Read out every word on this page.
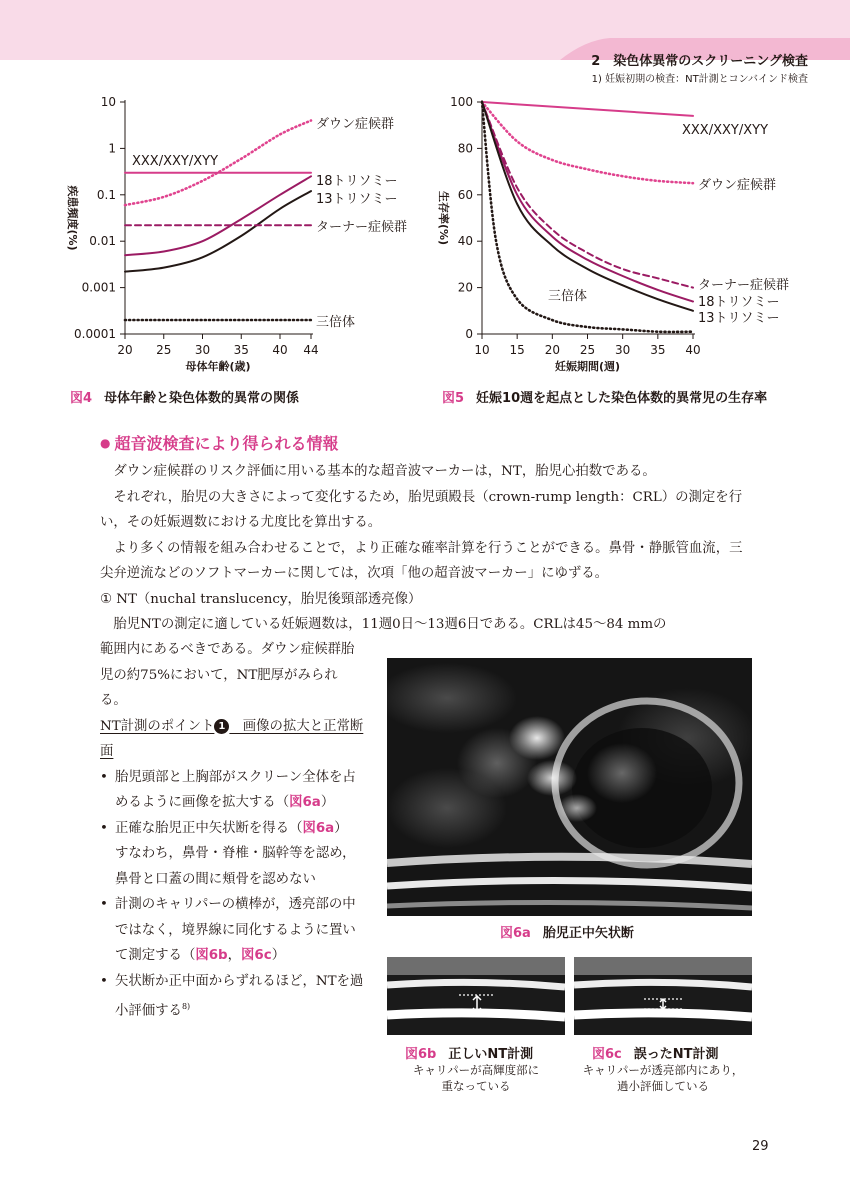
2　染色体異常のスクリーニング検査
1) 妊娠初期の検査：NT計測とコンバインド検査
10
1
0.1
0.01
0.001
0.0001
20 25 30 35 40 44
母体年齢(歳)
疾患頻度(%)
ダウン症候群
XXX/XXY/XYY
18トリソミー
13トリソミー
ターナー症候群
三倍体
図4 母体年齢と染色体数的異常の関係
100
80
60
40
20
0
10 15 20 25 30 35 40
妊娠期間(週)
生存率(%)
XXX/XXY/XYY
ダウン症候群
ターナー症候群
18トリソミー
13トリソミー
三倍体
図5 妊娠10週を起点とした染色体数的異常児の生存率
● 超音波検査により得られる情報

ダウン症候群のリスク評価に用いる基本的な超音波マーカーは，NT，胎児心拍数である。

それぞれ，胎児の大きさによって変化するため，胎児頭殿長（crown-rump length：CRL）の測定を行い，その妊娠週数における尤度比を算出する。

より多くの情報を組み合わせることで，より正確な確率計算を行うことができる。鼻骨・静脈管血流，三尖弁逆流などのソフトマーカーに関しては，次項「他の超音波マーカー」にゆずる。

① NT（nuchal translucency，胎児後頸部透亮像）

胎児NTの測定に適している妊娠週数は，11週0日～13週6日である。CRLは45～84 mmの

範囲内にあるべきである。ダウン症候群胎児の約75%において，NT肥厚がみられる。

NT計測のポイント 1　画像の拡大と正常断面

• 胎児頭部と上胸部がスクリーン全体を占めるように画像を拡大する（図6a）

• 正確な胎児正中矢状断を得る（図6a）

すなわち，鼻骨・脊椎・脳幹等を認め，鼻骨と口蓋の間に頬骨を認めない

• 計測のキャリパーの横棒が，透亮部の中ではなく，境界線に同化するように置いて測定する（図6b，図6c）

• 矢状断か正中面からずれるほど，NTを過小評価する$^{8)}$

図6a 胎児正中矢状断
図6b 正しいNT計測
キャリパーが高輝度部に
重なっている
図6c 誤ったNT計測
キャリパーが透亮部内にあり，
過小評価している
29
